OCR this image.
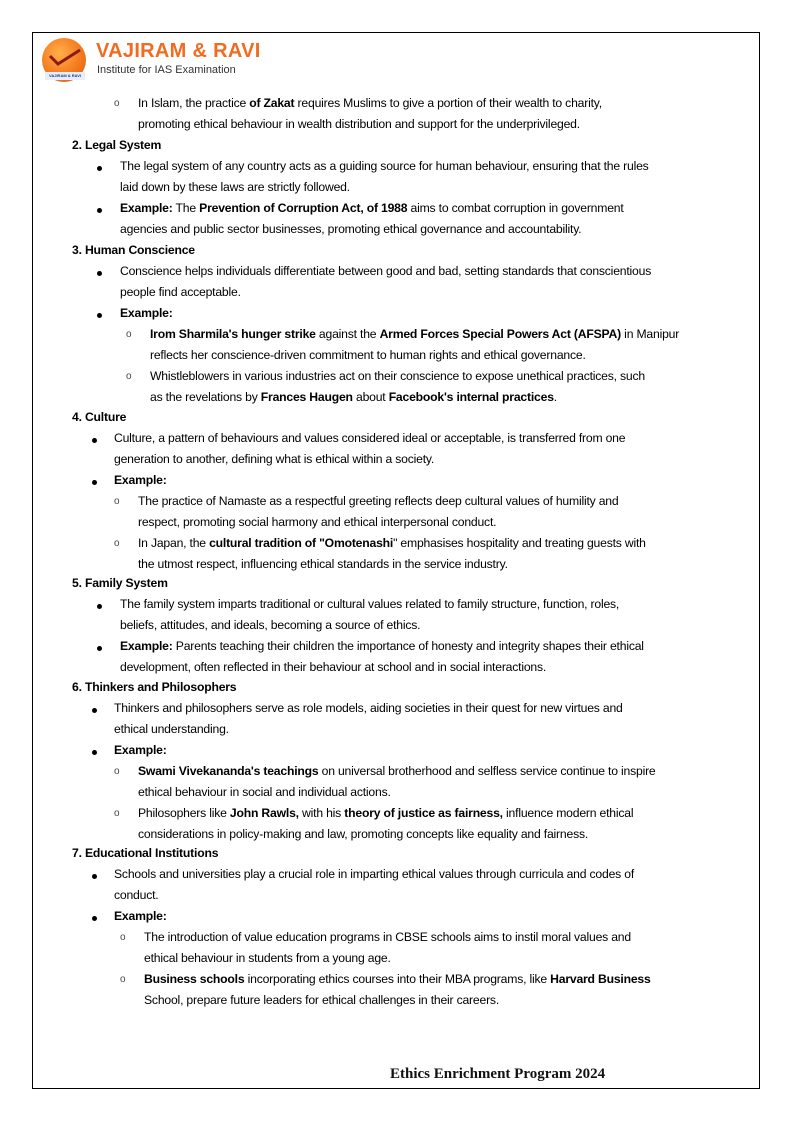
VAJIRAM & RAVI
VAJIRAM & RAVI
Institute for IAS Examination
o In Islam, the practice of Zakat requires Muslims to give a portion of their wealth to charity,
promoting ethical behaviour in wealth distribution and support for the underprivileged.
2. Legal System
The legal system of any country acts as a guiding source for human behaviour, ensuring that the rules
laid down by these laws are strictly followed.
Example: The Prevention of Corruption Act, of 1988 aims to combat corruption in government
agencies and public sector businesses, promoting ethical governance and accountability.
3. Human Conscience
Conscience helps individuals differentiate between good and bad, setting standards that conscientious
people find acceptable.
Example:
o Irom Sharmila's hunger strike against the Armed Forces Special Powers Act (AFSPA) in Manipur
reflects her conscience-driven commitment to human rights and ethical governance.
o Whistleblowers in various industries act on their conscience to expose unethical practices, such
as the revelations by Frances Haugen about Facebook's internal practices.
4. Culture
Culture, a pattern of behaviours and values considered ideal or acceptable, is transferred from one
generation to another, defining what is ethical within a society.
Example:
o The practice of Namaste as a respectful greeting reflects deep cultural values of humility and
respect, promoting social harmony and ethical interpersonal conduct.
o In Japan, the cultural tradition of "Omotenashi" emphasises hospitality and treating guests with
the utmost respect, influencing ethical standards in the service industry.
5. Family System
The family system imparts traditional or cultural values related to family structure, function, roles,
beliefs, attitudes, and ideals, becoming a source of ethics.
Example: Parents teaching their children the importance of honesty and integrity shapes their ethical
development, often reflected in their behaviour at school and in social interactions.
6. Thinkers and Philosophers
Thinkers and philosophers serve as role models, aiding societies in their quest for new virtues and
ethical understanding.
Example:
o Swami Vivekananda's teachings on universal brotherhood and selfless service continue to inspire
ethical behaviour in social and individual actions.
o Philosophers like John Rawls, with his theory of justice as fairness, influence modern ethical
considerations in policy-making and law, promoting concepts like equality and fairness.
7. Educational Institutions
Schools and universities play a crucial role in imparting ethical values through curricula and codes of
conduct.
Example:
o The introduction of value education programs in CBSE schools aims to instil moral values and
ethical behaviour in students from a young age.
o Business schools incorporating ethics courses into their MBA programs, like Harvard Business
School, prepare future leaders for ethical challenges in their careers.
Ethics Enrichment Program 2024
